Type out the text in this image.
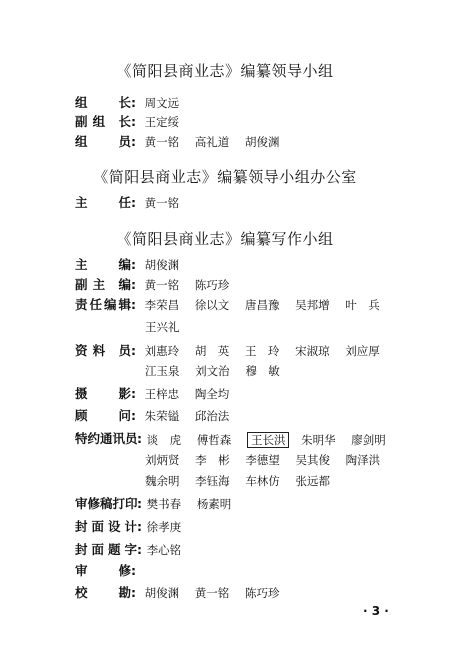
《简阳县商业志》编纂领导小组
组　　 长: 周文远
副 组　 长: 王定绥
组　　 员: 黄一铭 高礼道 胡俊渊
《简阳县商业志》编纂领导小组办公室
主　　 任: 黄一铭
《简阳县商业志》编纂写作小组
主　　 编: 胡俊渊
副 主　 编: 黄一铭 陈巧珍
责任编辑: 李荣昌 徐以文 唐昌豫 吴邦增 叶　兵
王兴礼
资 料　 员: 刘惠玲 胡　英 王　玲 宋淑琼 刘应厚
江玉泉 刘文治 穆　敏
摄　　 影: 王梓忠 陶全均
顾　　 问: 朱荣镒 邱治法
特约通讯员: 谈　虎 傅哲森 王长洪 朱明华 廖剑明
刘炳贤 李　彬 李德望 吴其俊 陶泽洪
魏余明 李钰海 车林仿 张远都
审修稿打印: 樊书春 杨素明
封面设计: 徐孝庚
封面题字: 李心铭
审　　 修:
校　　 勘: 胡俊渊 黄一铭 陈巧珍
· 3 ·
